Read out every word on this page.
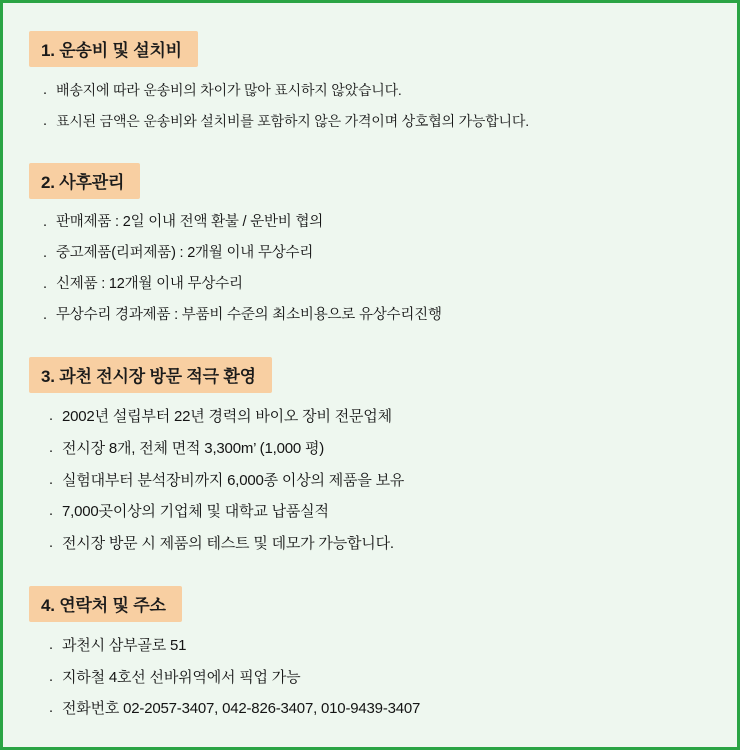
1. 운송비 및 설치비
. 배송지에 따라 운송비의 차이가 많아 표시하지 않았습니다.
. 표시된 금액은 운송비와 설치비를 포함하지 않은 가격이며 상호협의 가능합니다.
2. 사후관리
. 판매제품 : 2일 이내 전액 환불 / 운반비 협의
. 중고제품(리퍼제품) : 2개월 이내 무상수리
. 신제품 : 12개월 이내 무상수리
. 무상수리 경과제품 : 부품비 수준의 최소비용으로 유상수리진행
3. 과천 전시장 방문 적극 환영
. 2002년 설립부터 22년 경력의 바이오 장비 전문업체
. 전시장 8개, 전체 면적 3,300m’ (1,000 평)
. 실험대부터 분석장비까지 6,000종 이상의 제품을 보유
. 7,000곳이상의 기업체 및 대학교 납품실적
. 전시장 방문 시 제품의 테스트 및 데모가 가능합니다.
4. 연락처 및 주소
. 과천시 삼부골로 51
. 지하철 4호선 선바위역에서 픽업 가능
. 전화번호 02-2057-3407, 042-826-3407, 010-9439-3407
